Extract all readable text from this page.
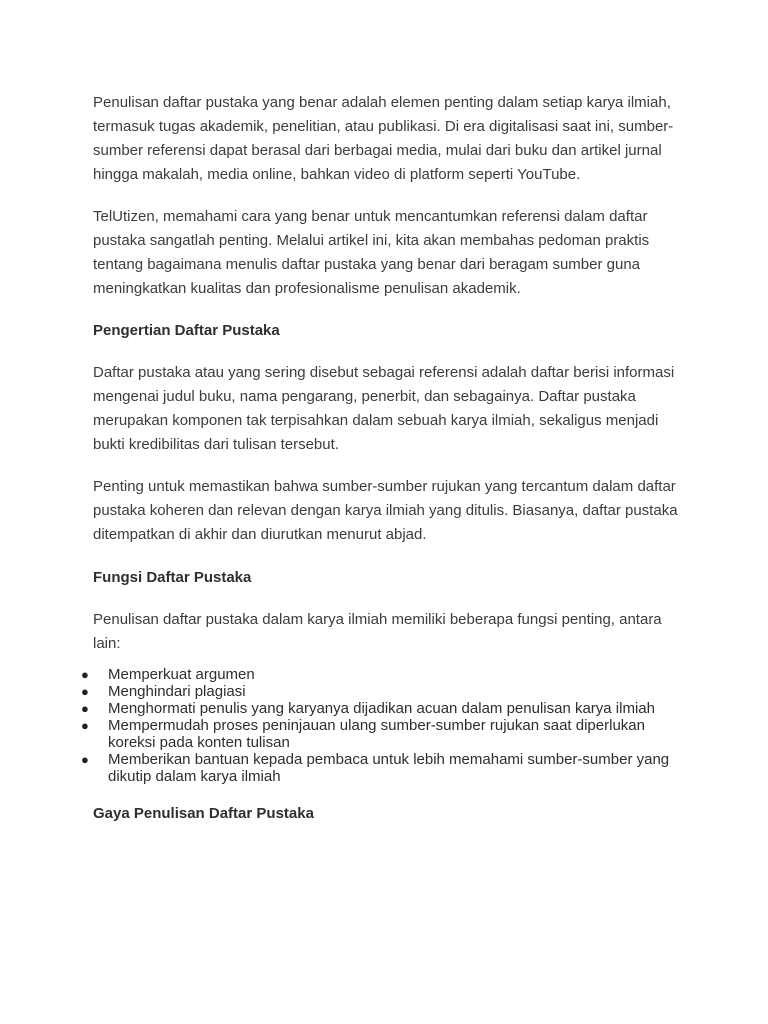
Penulisan daftar pustaka yang benar adalah elemen penting dalam setiap karya ilmiah, termasuk tugas akademik, penelitian, atau publikasi. Di era digitalisasi saat ini, sumber-sumber referensi dapat berasal dari berbagai media, mulai dari buku dan artikel jurnal hingga makalah, media online, bahkan video di platform seperti YouTube.

TelUtizen, memahami cara yang benar untuk mencantumkan referensi dalam daftar pustaka sangatlah penting. Melalui artikel ini, kita akan membahas pedoman praktis tentang bagaimana menulis daftar pustaka yang benar dari beragam sumber guna meningkatkan kualitas dan profesionalisme penulisan akademik.

Pengertian Daftar Pustaka

Daftar pustaka atau yang sering disebut sebagai referensi adalah daftar berisi informasi mengenai judul buku, nama pengarang, penerbit, dan sebagainya. Daftar pustaka merupakan komponen tak terpisahkan dalam sebuah karya ilmiah, sekaligus menjadi bukti kredibilitas dari tulisan tersebut.

Penting untuk memastikan bahwa sumber-sumber rujukan yang tercantum dalam daftar pustaka koheren dan relevan dengan karya ilmiah yang ditulis. Biasanya, daftar pustaka ditempatkan di akhir dan diurutkan menurut abjad.

Fungsi Daftar Pustaka

Penulisan daftar pustaka dalam karya ilmiah memiliki beberapa fungsi penting, antara lain:

● Memperkuat argumen
● Menghindari plagiasi
● Menghormati penulis yang karyanya dijadikan acuan dalam penulisan karya ilmiah
● Mempermudah proses peninjauan ulang sumber-sumber rujukan saat diperlukan koreksi pada konten tulisan
● Memberikan bantuan kepada pembaca untuk lebih memahami sumber-sumber yang dikutip dalam karya ilmiah
Gaya Penulisan Daftar Pustaka
